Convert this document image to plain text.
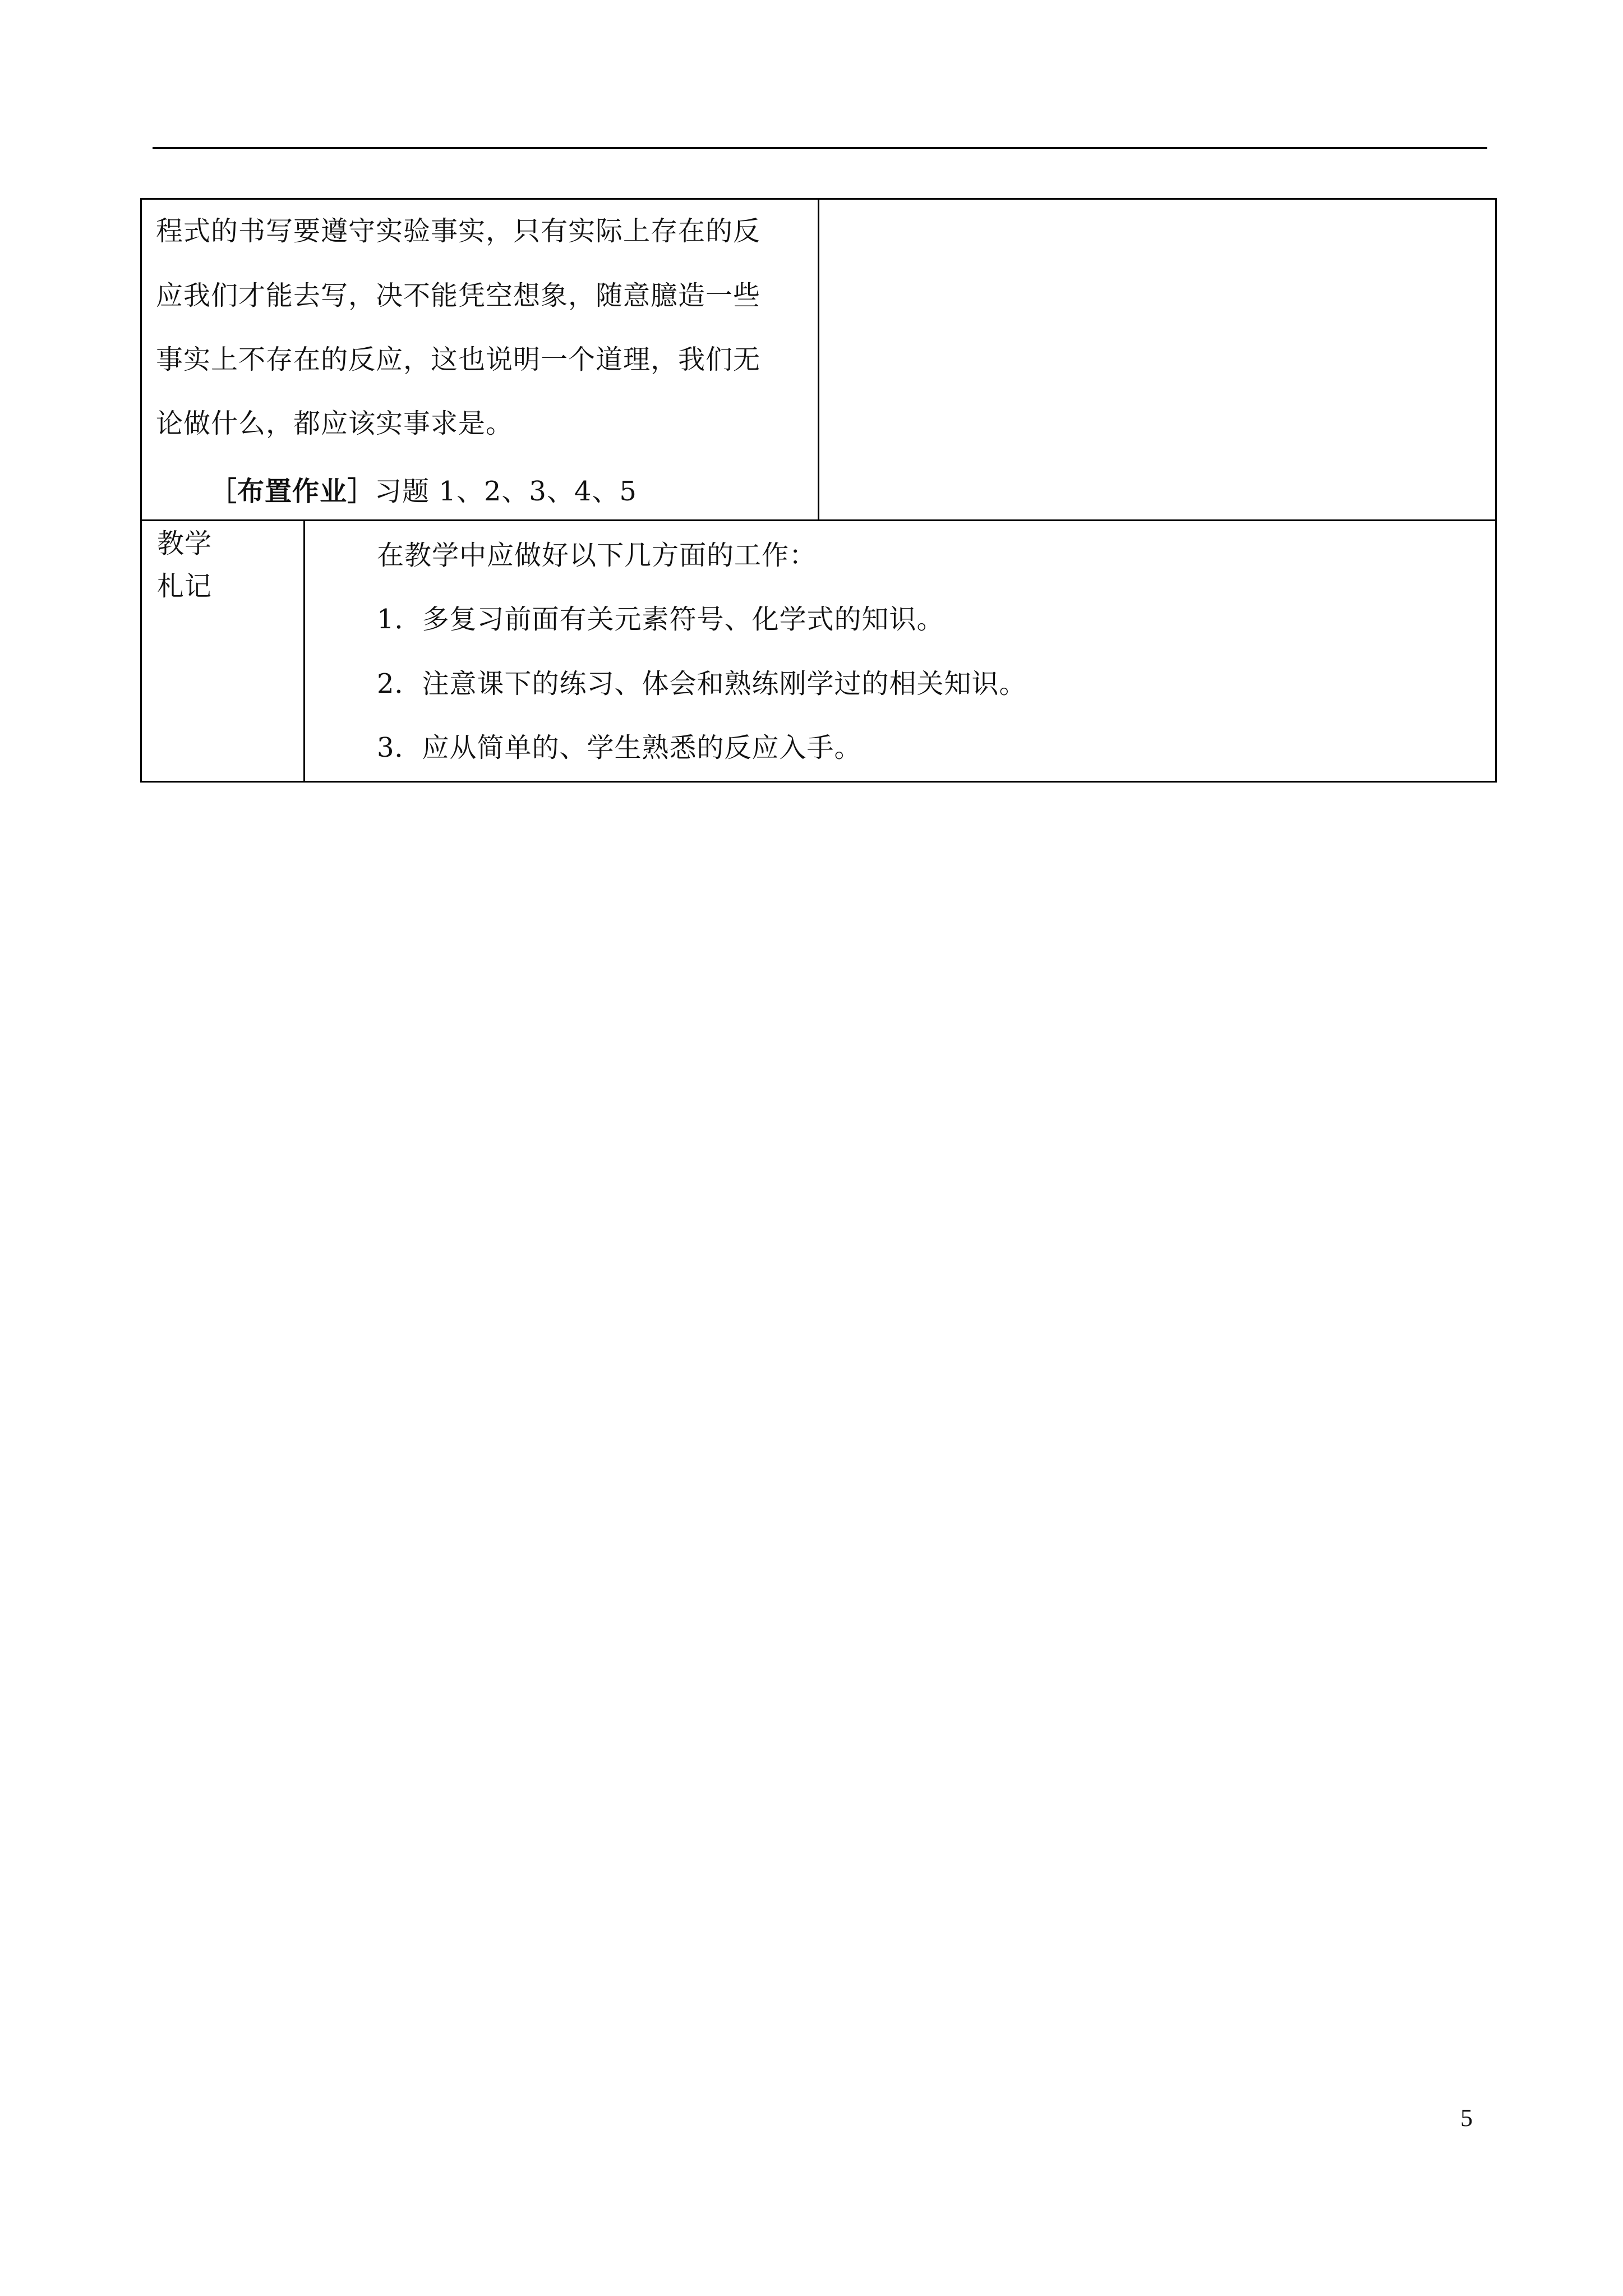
程式的书写要遵守实验事实，只有实际上存在的反
应我们才能去写，决不能凭空想象，随意臆造一些
事实上不存在的反应，这也说明一个道理，我们无
论做什么，都应该实事求是。
［布置作业］习题 1、2、3、4、5
教学
札记
在教学中应做好以下几方面的工作：
1．多复习前面有关元素符号、化学式的知识。
2．注意课下的练习、体会和熟练刚学过的相关知识。
3．应从简单的、学生熟悉的反应入手。
5
